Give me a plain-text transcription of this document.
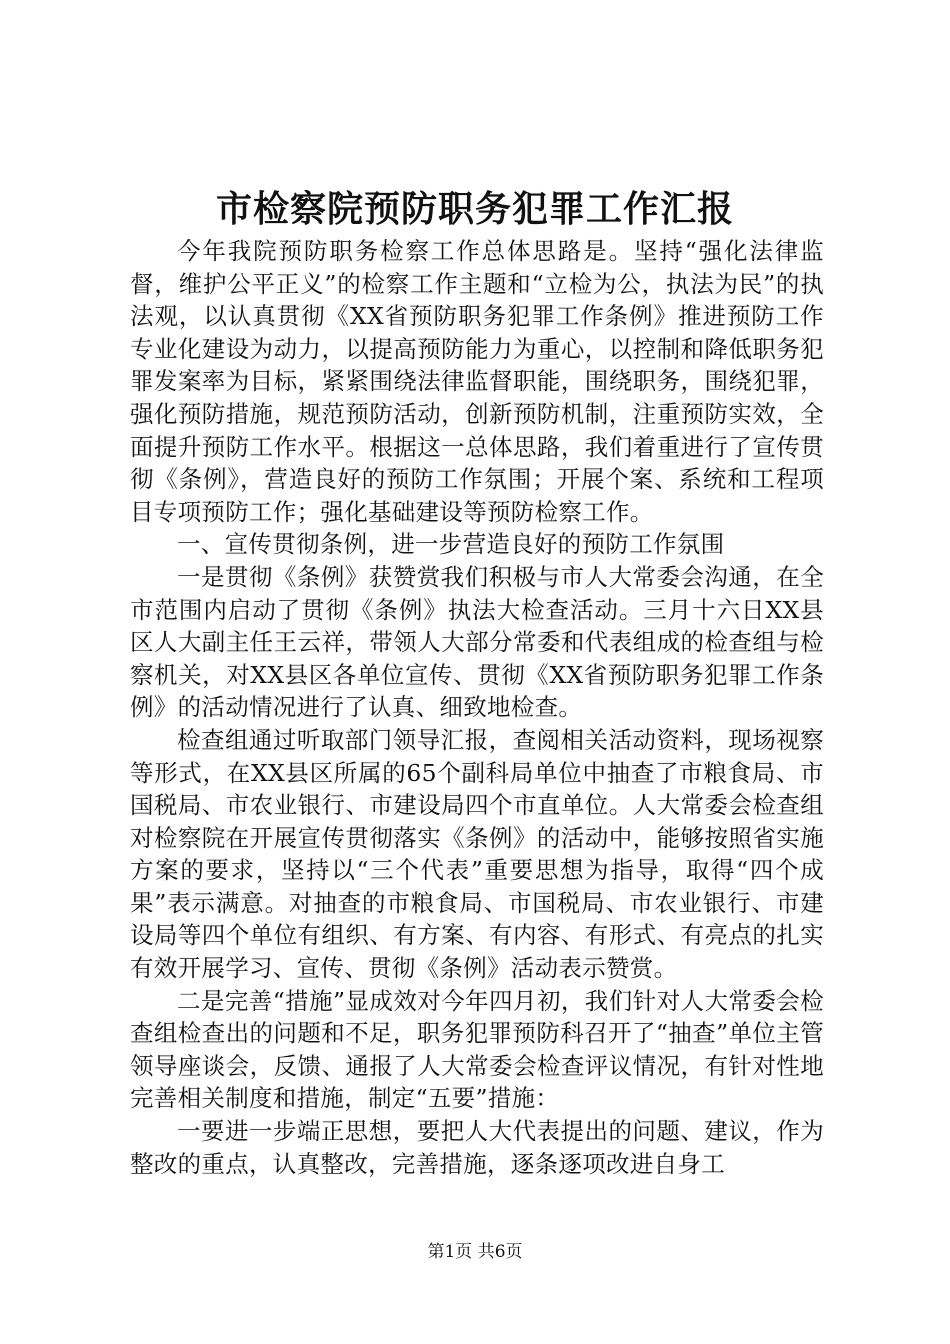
市检察院预防职务犯罪工作汇报

今年我院预防职务检察工作总体思路是。坚持“强化法律监督，维护公平正义”的检察工作主题和“立检为公，执法为民”的执法观，以认真贯彻《XX省预防职务犯罪工作条例》推进预防工作专业化建设为动力，以提高预防能力为重心，以控制和降低职务犯罪发案率为目标，紧紧围绕法律监督职能，围绕职务，围绕犯罪，强化预防措施，规范预防活动，创新预防机制，注重预防实效，全面提升预防工作水平。根据这一总体思路，我们着重进行了宣传贯彻《条例》，营造良好的预防工作氛围；开展个案、系统和工程项目专项预防工作；强化基础建设等预防检察工作。

一、宣传贯彻条例，进一步营造良好的预防工作氛围

一是贯彻《条例》获赞赏我们积极与市人大常委会沟通，在全市范围内启动了贯彻《条例》执法大检查活动。三月十六日XX县区人大副主任王云祥，带领人大部分常委和代表组成的检查组与检察机关，对XX县区各单位宣传、贯彻《XX省预防职务犯罪工作条例》的活动情况进行了认真、细致地检查。

检查组通过听取部门领导汇报，查阅相关活动资料，现场视察等形式，在XX县区所属的65个副科局单位中抽查了市粮食局、市国税局、市农业银行、市建设局四个市直单位。人大常委会检查组对检察院在开展宣传贯彻落实《条例》的活动中，能够按照省实施方案的要求，坚持以“三个代表”重要思想为指导，取得“四个成果”表示满意。对抽查的市粮食局、市国税局、市农业银行、市建设局等四个单位有组织、有方案、有内容、有形式、有亮点的扎实有效开展学习、宣传、贯彻《条例》活动表示赞赏。

二是完善“措施”显成效对今年四月初，我们针对人大常委会检查组检查出的问题和不足，职务犯罪预防科召开了“抽查”单位主管领导座谈会，反馈、通报了人大常委会检查评议情况，有针对性地完善相关制度和措施，制定“五要”措施：

一要进一步端正思想，要把人大代表提出的问题、建议，作为整改的重点，认真整改，完善措施，逐条逐项改进自身工

第1页 共6页
